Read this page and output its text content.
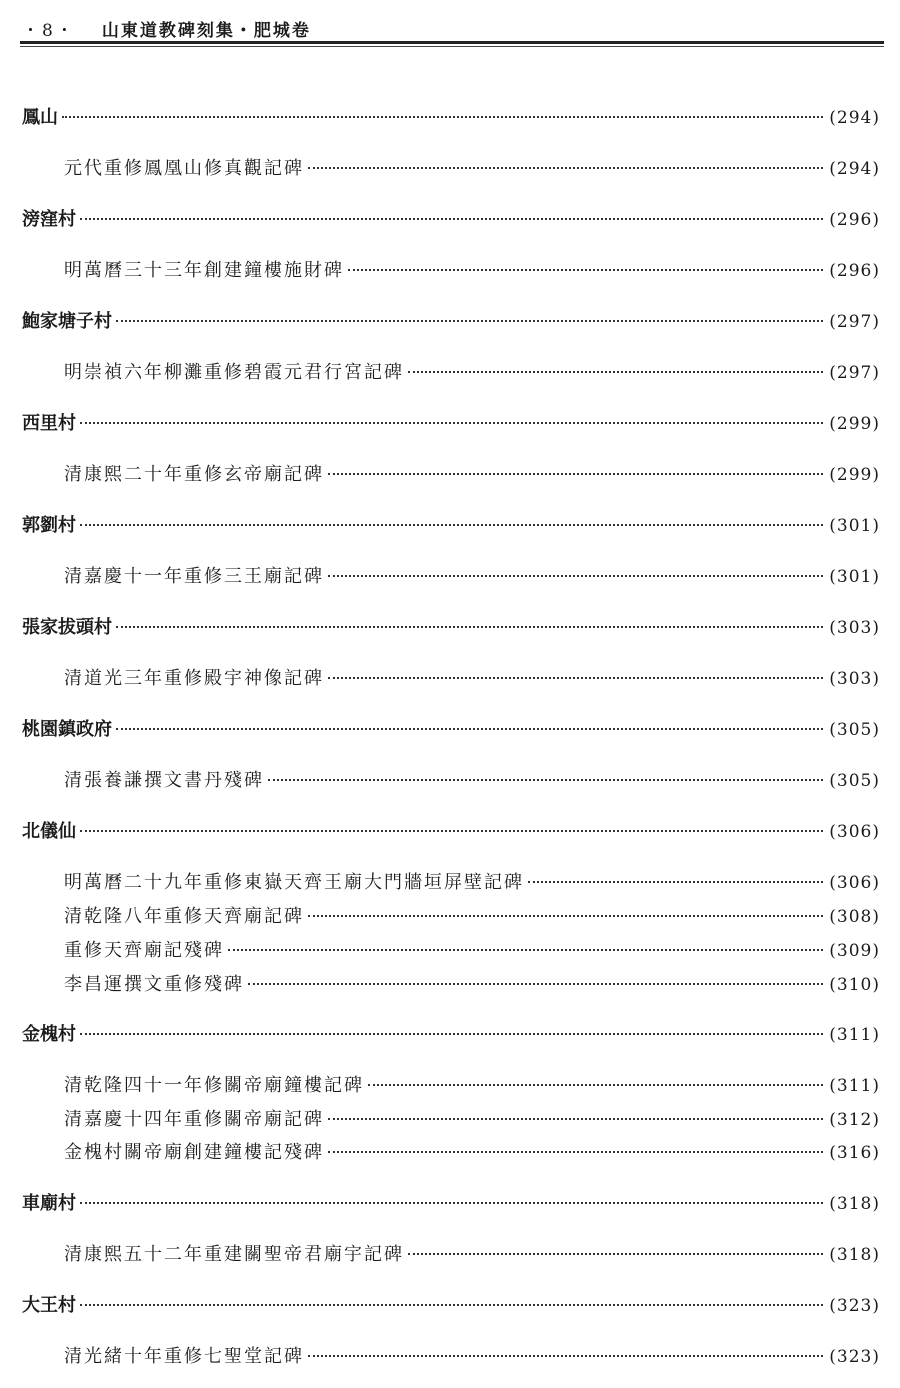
・8・ 山東道教碑刻集・肥城卷
鳳山	(294)
元代重修鳳凰山修真觀記碑	(294)
滂窪村	(296)
明萬曆三十三年創建鐘樓施財碑	(296)
鮑家塘子村	(297)
明崇禎六年柳灘重修碧霞元君行宮記碑	(297)
西里村	(299)
清康熙二十年重修玄帝廟記碑	(299)
郭劉村	(301)
清嘉慶十一年重修三王廟記碑	(301)
張家拔頭村	(303)
清道光三年重修殿宇神像記碑	(303)
桃園鎮政府	(305)
清張養謙撰文書丹殘碑	(305)
北儀仙	(306)
明萬曆二十九年重修東嶽天齊王廟大門牆垣屏壁記碑	(306)
清乾隆八年重修天齊廟記碑	(308)
重修天齊廟記殘碑	(309)
李昌運撰文重修殘碑	(310)
金槐村	(311)
清乾隆四十一年修關帝廟鐘樓記碑	(311)
清嘉慶十四年重修關帝廟記碑	(312)
金槐村關帝廟創建鐘樓記殘碑	(316)
車廟村	(318)
清康熙五十二年重建關聖帝君廟宇記碑	(318)
大王村	(323)
清光緒十年重修七聖堂記碑	(323)
